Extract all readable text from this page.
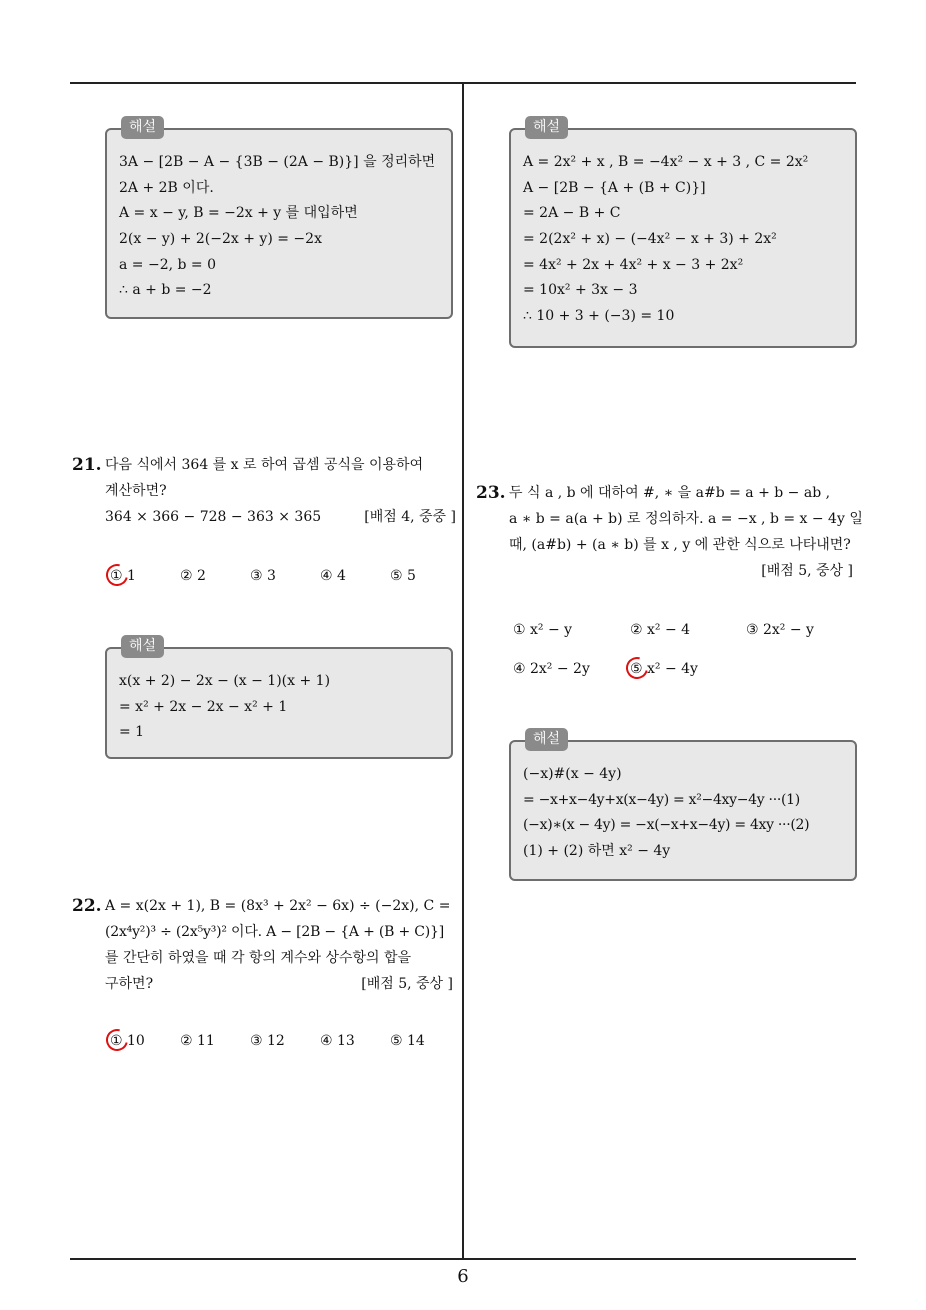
해설
3A − [2B − A − {3B − (2A − B)}] 을 정리하면
2A + 2B 이다.
A = x − y, B = −2x + y 를 대입하면
2(x − y) + 2(−2x + y) = −2x
a = −2, b = 0
∴ a + b = −2
21. 다음 식에서 364 를 x 로 하여 곱셈 공식을 이용하여
계산하면?
364 × 366 − 728 − 363 × 365	[배점 4, 중중 ]
① 1	② 2	③ 3	④ 4	⑤ 5
해설
x(x + 2) − 2x − (x − 1)(x + 1)
= x² + 2x − 2x − x² + 1
= 1
22. A = x(2x + 1), B = (8x³ + 2x² − 6x) ÷ (−2x), C =
(2x⁴y²)³ ÷ (2x⁵y³)² 이다. A − [2B − {A + (B + C)}]
를 간단히 하였을 때 각 항의 계수와 상수항의 합을
구하면?	[배점 5, 중상 ]
① 10	② 11	③ 12	④ 13	⑤ 14
해설
A = 2x² + x , B = −4x² − x + 3 , C = 2x²
A − [2B − {A + (B + C)}]
= 2A − B + C
= 2(2x² + x) − (−4x² − x + 3) + 2x²
= 4x² + 2x + 4x² + x − 3 + 2x²
= 10x² + 3x − 3
∴ 10 + 3 + (−3) = 10
23. 두 식 a , b 에 대하여 #, ∗ 을 a#b = a + b − ab ,
a ∗ b = a(a + b) 로 정의하자. a = −x , b = x − 4y 일
때, (a#b) + (a ∗ b) 를 x , y 에 관한 식으로 나타내면?
[배점 5, 중상 ]
① x² − y	② x² − 4	③ 2x² − y
④ 2x² − 2y	⑤ x² − 4y
해설
(−x)#(x − 4y)
= −x+x−4y+x(x−4y) = x²−4xy−4y ···(1)
(−x)∗(x − 4y) = −x(−x+x−4y) = 4xy ···(2)
(1) + (2) 하면 x² − 4y
6
